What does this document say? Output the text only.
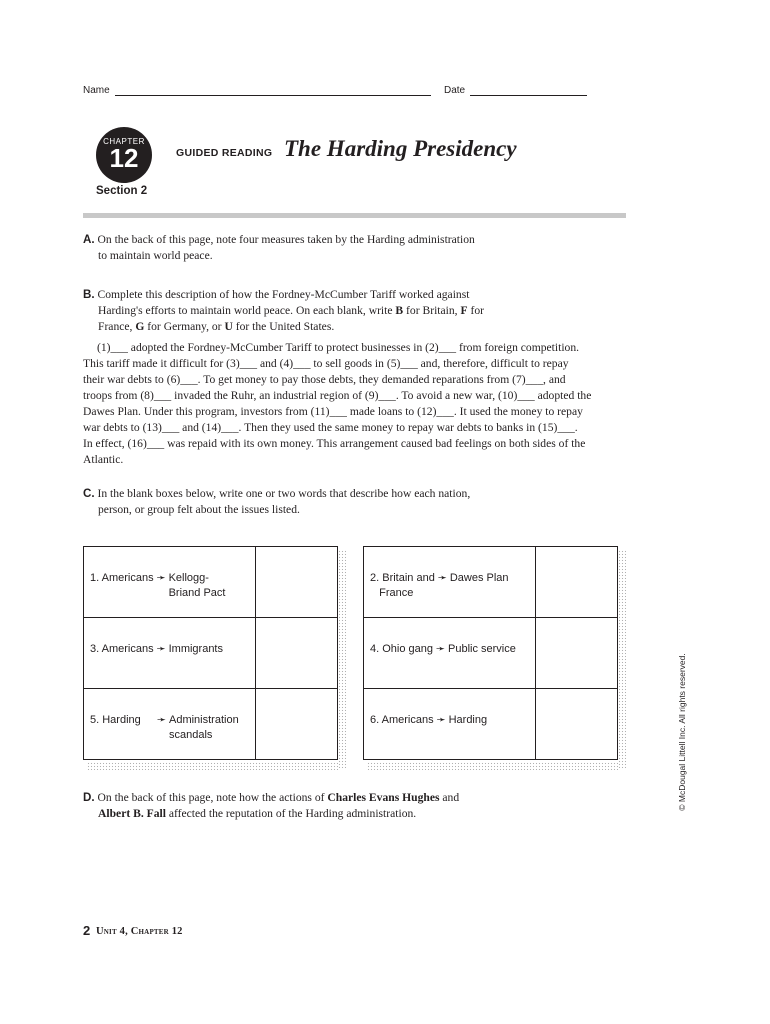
Name	Date
CHAPTER
12
Section 2
GUIDED READING The Harding Presidency
A. On the back of this page, note four measures taken by the Harding administration
to maintain world peace.
B. Complete this description of how the Fordney-McCumber Tariff worked against
Harding's efforts to maintain world peace. On each blank, write B for Britain, F for
France, G for Germany, or U for the United States.
(1)___ adopted the Fordney-McCumber Tariff to protect businesses in (2)___ from foreign competition.
This tariff made it difficult for (3)___ and (4)___ to sell goods in (5)___ and, therefore, difficult to repay
their war debts to (6)___. To get money to pay those debts, they demanded reparations from (7)___, and
troops from (8)___ invaded the Ruhr, an industrial region of (9)___. To avoid a new war, (10)___ adopted the
Dawes Plan. Under this program, investors from (11)___ made loans to (12)___. It used the money to repay
war debts to (13)___ and (14)___. Then they used the same money to repay war debts to banks in (15)___.
In effect, (16)___ was repaid with its own money. This arrangement caused bad feelings on both sides of the
Atlantic.
C. In the blank boxes below, write one or two words that describe how each nation,
person, or group felt about the issues listed.
1. Americans ➛ Kellogg-
Briand Pact	

3. Americans ➛ Immigrants	

5. Harding ➛ Administration
scandals	

2. Britain and
France
➛ Dawes Plan	

4. Ohio gang ➛ Public service	

6. Americans ➛ Harding	
		© McDougal Littell Inc. All rights reserved.
D. On the back of this page, note how the actions of Charles Evans Hughes and
Albert B. Fall affected the reputation of the Harding administration.
2 Unit 4, Chapter 12
